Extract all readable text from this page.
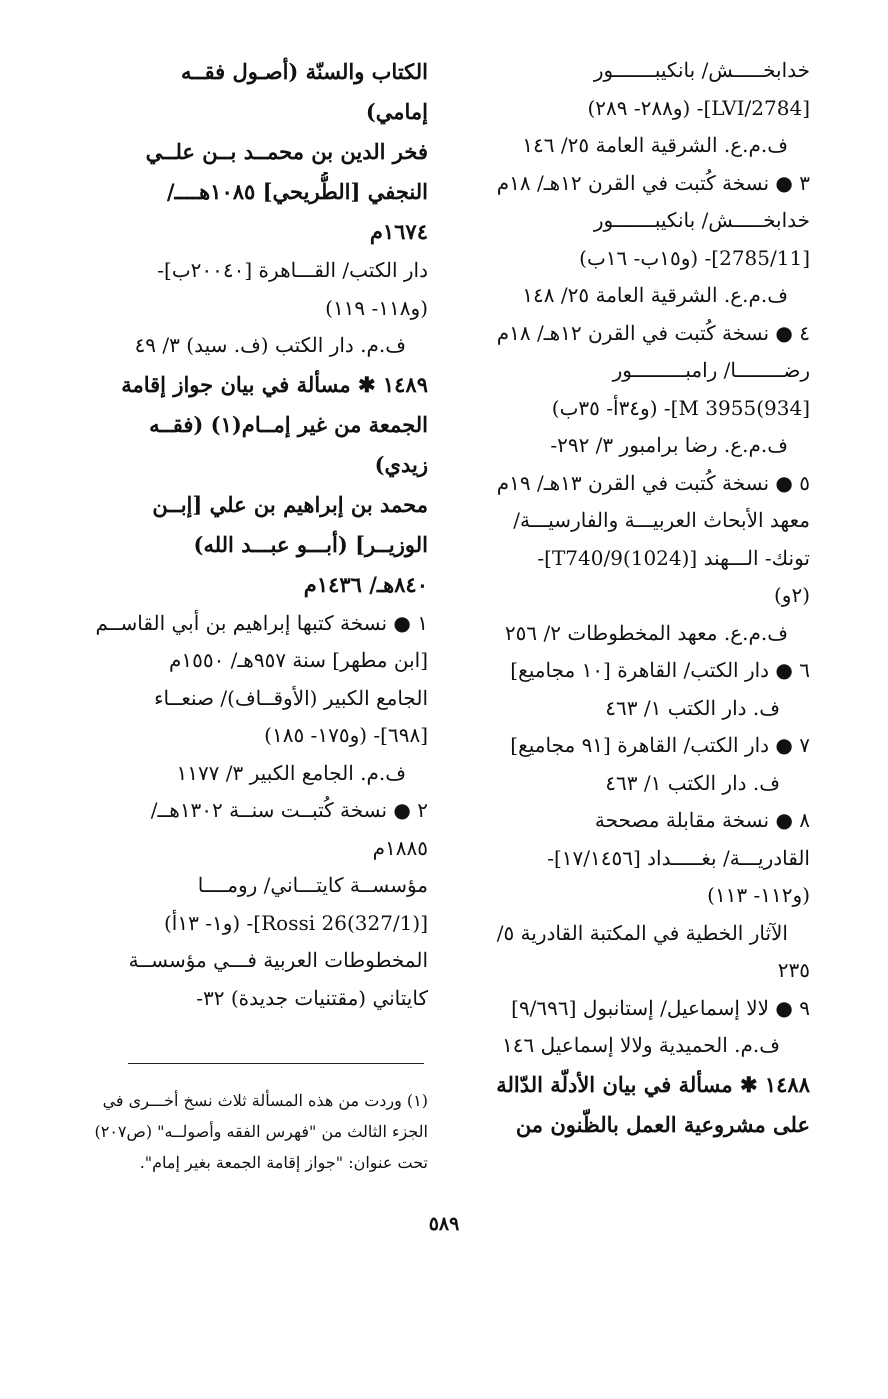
خدابخـــــش/ بانكيبـــــــور
[2784/LVI]- (و٢٨٨- ٢٨٩)
ف.م.ع. الشرقية العامة ٢٥/ ١٤٦
٣ ● نسخة كُتبت في القرن ١٢هـ/ ١٨م
خدابخـــــش/ بانكيبـــــــور
[2785/11]- (و١٥ب- ١٦ب)
ف.م.ع. الشرقية العامة ٢٥/ ١٤٨
٤ ● نسخة كُتبت في القرن ١٢هـ/ ١٨م
رضــــــــا/ رامبـــــــــور
[934)3955 M]- (و٣٤أ- ٣٥ب)
ف.م.ع. رضا برامبور ٣/ ٢٩٢-
٥ ● نسخة كُتبت في القرن ١٣هـ/ ١٩م
معهد الأبحاث العربيـــة والفارسيـــة/
تونك- الـــهند [T740/9(1024)]-
(٢و)
ف.م.ع. معهد المخطوطات ٢/ ٢٥٦
٦ ● دار الكتب/ القاهرة [١٠ مجاميع]
ف. دار الكتب ١/ ٤٦٣
٧ ● دار الكتب/ القاهرة [٩١ مجاميع]
ف. دار الكتب ١/ ٤٦٣
٨ ● نسخة مقابلة مصححة
القادريـــة/ بغـــــداد [١٧/١٤٥٦]-
(و١١٢- ١١٣)
الآثار الخطية في المكتبة القادرية ٥/
٢٣٥
٩ ● لالا إسماعيل/ إستانبول [٩/٦٩٦]
ف.م. الحميدية ولالا إسماعيل ١٤٦
١٤٨٨ ✱ مسألة في بيان الأدلّة الدّالة
على مشروعية العمل بالظّنون من
الكتاب والسنّة (أصـول فقــه
إمامي)
فخر الدين بن محمــد بــن علــي
النجفي [الطُّريحي] ١٠٨٥هــــ/
١٦٧٤م
دار الكتب/ القـــاهرة [٢٠٠٤٠ب]-
(و١١٨- ١١٩)
ف.م. دار الكتب (ف. سيد) ٣/ ٤٩
١٤٨٩ ✱ مسألة في بيان جواز إقامة
الجمعة من غير إمــام(١) (فقــه
زيدي)
محمد بن إبراهيم بن علي [إبــن
الوزيــر] (أبـــو عبـــد الله)
٨٤٠هـ/ ١٤٣٦م
١ ● نسخة كتبها إبراهيم بن أبي القاســم
[ابن مطهر] سنة ٩٥٧هـ/ ١٥٥٠م
الجامع الكبير (الأوقــاف)/ صنعــاء
[٦٩٨]- (و١٧٥- ١٨٥)
ف.م. الجامع الكبير ٣/ ١١٧٧
٢ ● نسخة كُتبــت سنــة ١٣٠٢هــ/
١٨٨٥م
مؤسســة كايتـــاني/ رومــــا
[Rossi 26(327/1)]- (و١- ١٣أ)
المخطوطات العربية فـــي مؤسســة
كايتاني (مقتنيات جديدة) ٣٢-
(١) وردت من هذه المسألة ثلاث نسخ أخـــرى في
الجزء الثالث من "فهرس الفقه وأصولــه" (ص٢٠٧)
تحت عنوان: "جواز إقامة الجمعة بغير إمام".
٥٨٩
